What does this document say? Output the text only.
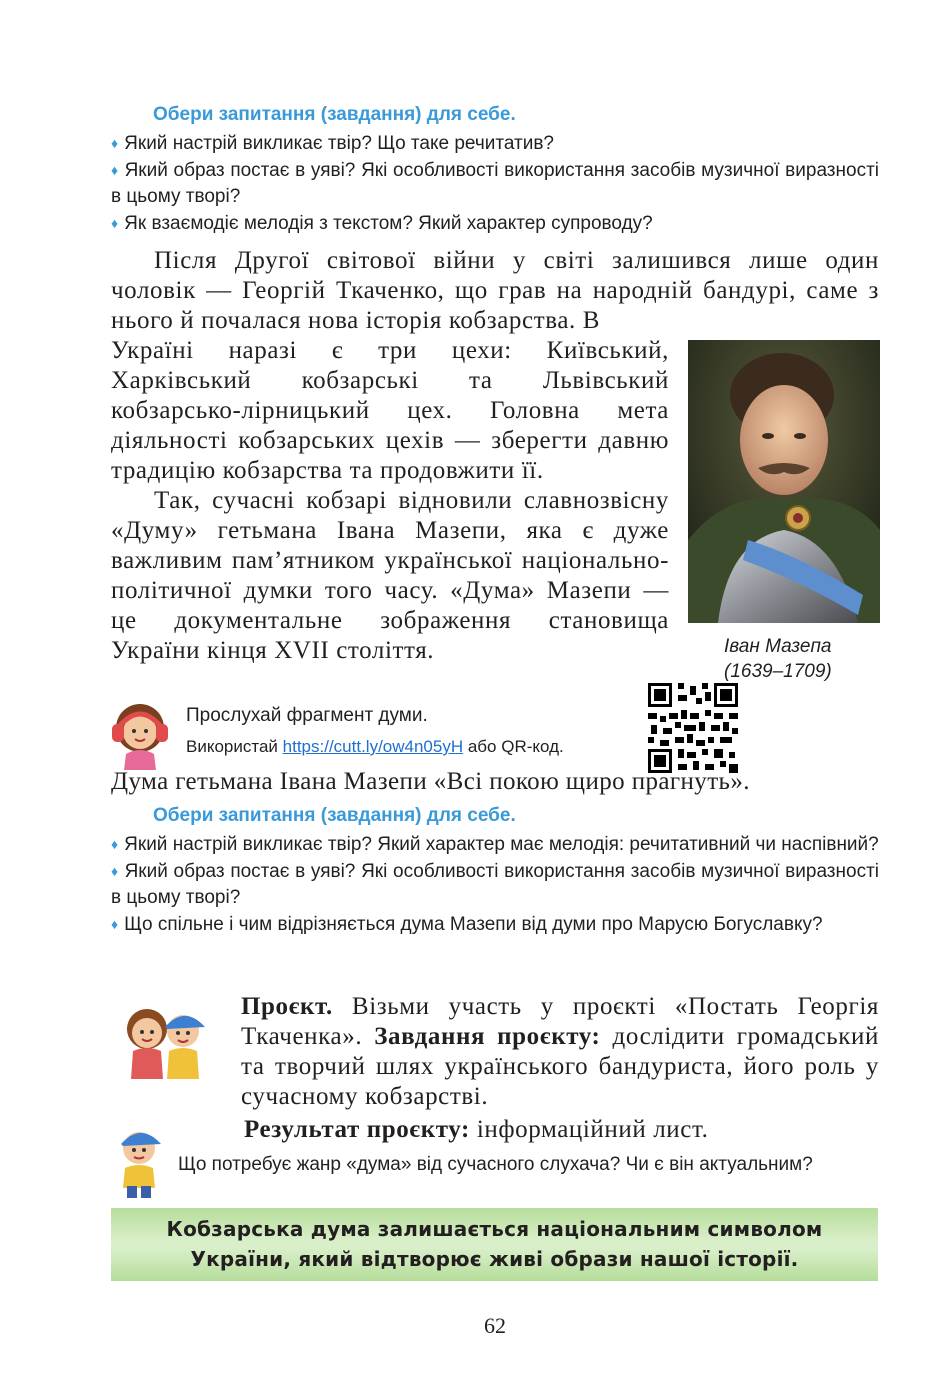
Обери запитання (завдання) для себе.
♦ Який настрій викликає твір? Що таке речитатив?
♦ Який образ постає в уяві? Які особливості використання засобів музичної виразності в цьому творі?
♦ Як взаємодіє мелодія з текстом? Який характер супроводу?
Після Другої світової війни у світі залишився лише один чоловік — Георгій Ткаченко, що грав на народній бандурі, саме з нього й почалася нова історія кобзарства. В
Україні наразі є три цехи: Київський, Харківський кобзарські та Львівський кобзарсько-лірницький цех. Головна мета діяльності кобзарських цехів — зберегти давню традицію кобзарства та продовжити її.
Так, сучасні кобзарі відновили славнозвісну «Думу» гетьмана Івана Мазепи, яка є дуже важливим пам’ятником української національно-політичної думки того часу. «Дума» Мазепи — це документальне зображення становища України кінця XVII століття.	Іван Мазепа
(1639–1709)
Прослухай фрагмент думи.
Використай https://cutt.ly/ow4n05yH або QR-код.
Дума гетьмана Івана Мазепи «Всі покою щиро прагнуть».
Обери запитання (завдання) для себе.
♦ Який настрій викликає твір? Який характер має мелодія: речитативний чи наспівний?
♦ Який образ постає в уяві? Які особливості використання засобів музичної виразності в цьому творі?
♦ Що спільне і чим відрізняється дума Мазепи від думи про Марусю Богуславку?
Проєкт. Візьми участь у проєкті «Постать Георгія Ткаченка». Завдання проєкту: дослідити громадський та творчий шлях українського бандуриста, його роль у сучасному кобзарстві.
Результат проєкту: інформаційний лист.
Що потребує жанр «дума» від сучасного слухача? Чи є він актуальним?
Кобзарська дума залишається національним символом
України, який відтворює живі образи нашої історії.
62
